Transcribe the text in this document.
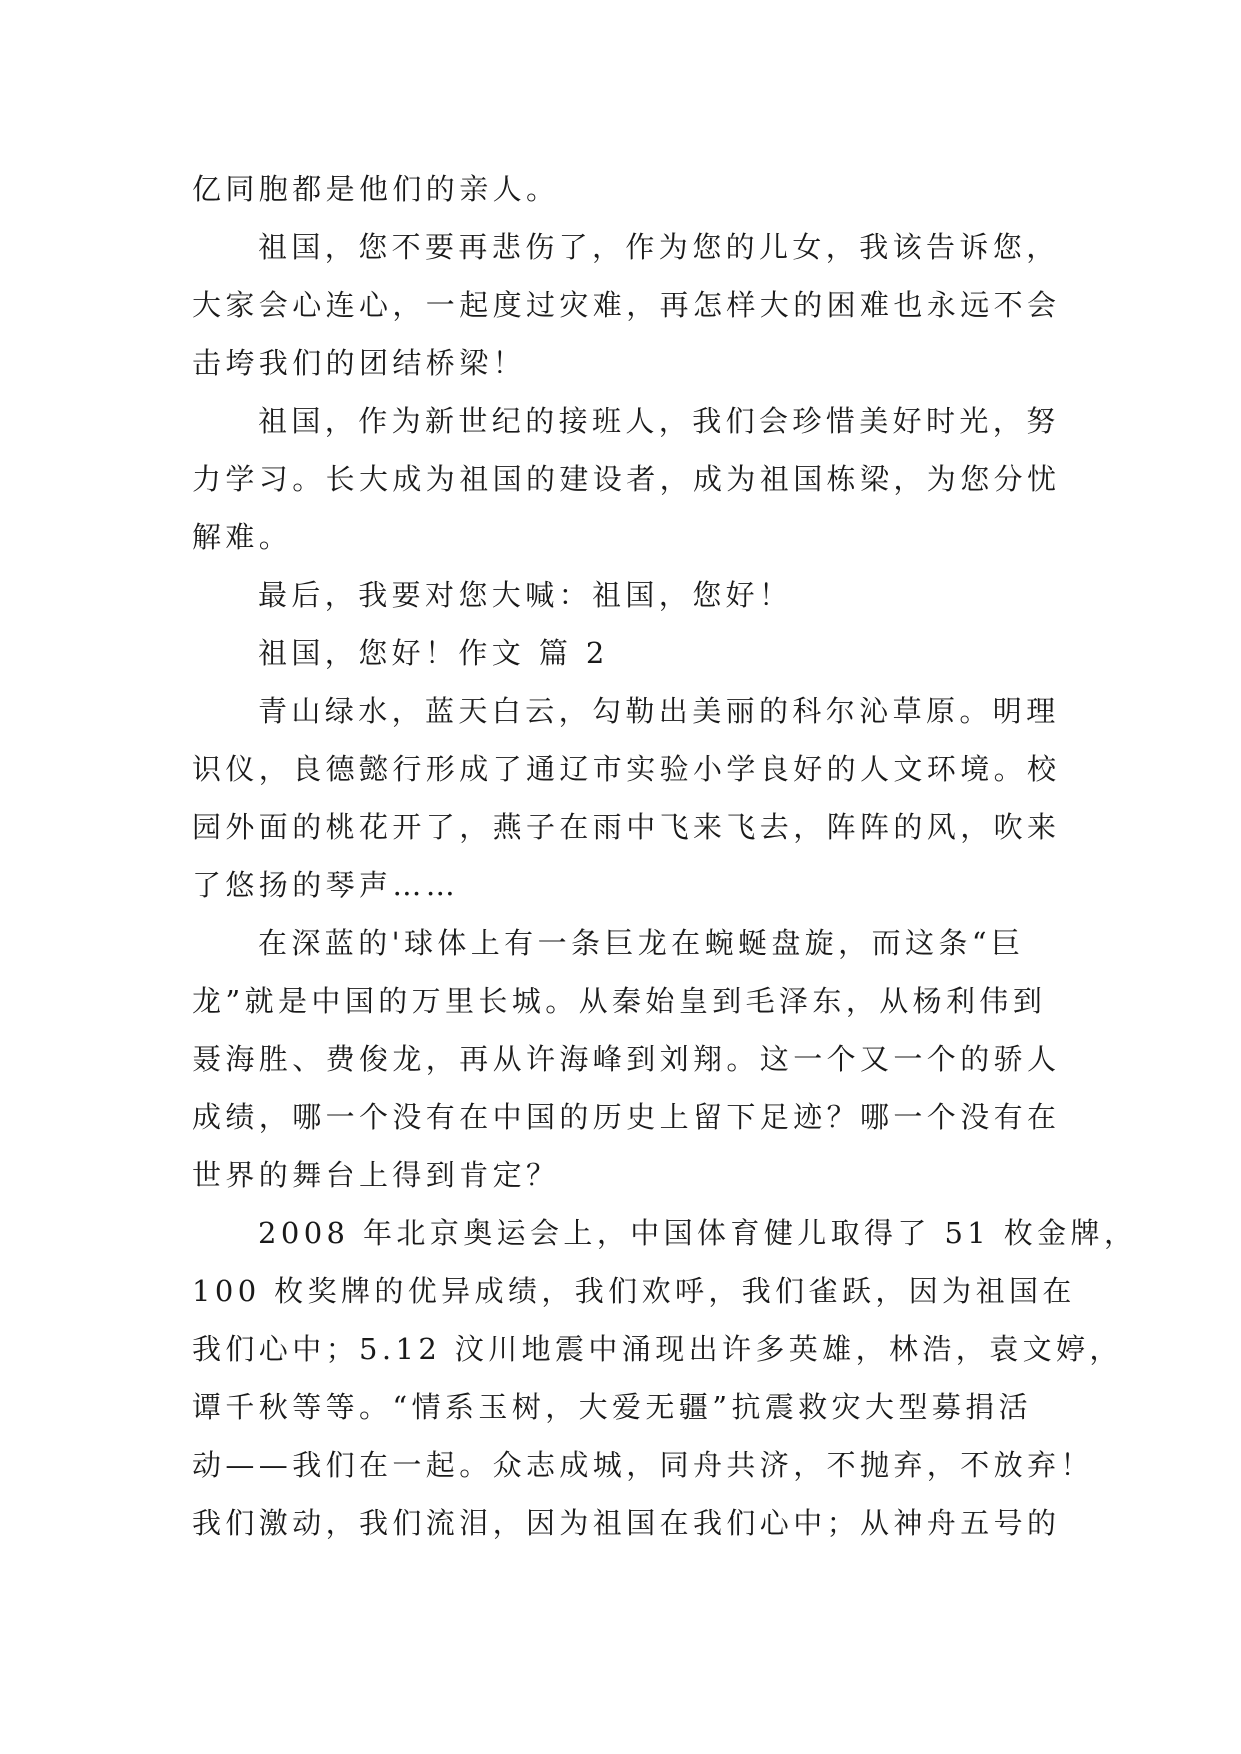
亿同胞都是他们的亲人。
祖国，您不要再悲伤了，作为您的儿女，我该告诉您，
大家会心连心，一起度过灾难，再怎样大的困难也永远不会
击垮我们的团结桥梁！
祖国，作为新世纪的接班人，我们会珍惜美好时光，努
力学习。长大成为祖国的建设者，成为祖国栋梁，为您分忧
解难。
最后，我要对您大喊：祖国，您好！
祖国，您好！作文 篇 2
青山绿水，蓝天白云，勾勒出美丽的科尔沁草原。明理
识仪，良德懿行形成了通辽市实验小学良好的人文环境。校
园外面的桃花开了，燕子在雨中飞来飞去，阵阵的风，吹来
了悠扬的琴声……
在深蓝的'球体上有一条巨龙在蜿蜒盘旋，而这条“巨
龙”就是中国的万里长城。从秦始皇到毛泽东，从杨利伟到
聂海胜、费俊龙，再从许海峰到刘翔。这一个又一个的骄人
成绩，哪一个没有在中国的历史上留下足迹？哪一个没有在
世界的舞台上得到肯定？
2008 年北京奥运会上，中国体育健儿取得了 51 枚金牌，
100 枚奖牌的优异成绩，我们欢呼，我们雀跃，因为祖国在
我们心中；5.12 汶川地震中涌现出许多英雄，林浩，袁文婷，
谭千秋等等。“情系玉树，大爱无疆”抗震救灾大型募捐活
动——我们在一起。众志成城，同舟共济，不抛弃，不放弃！
我们激动，我们流泪，因为祖国在我们心中；从神舟五号的
